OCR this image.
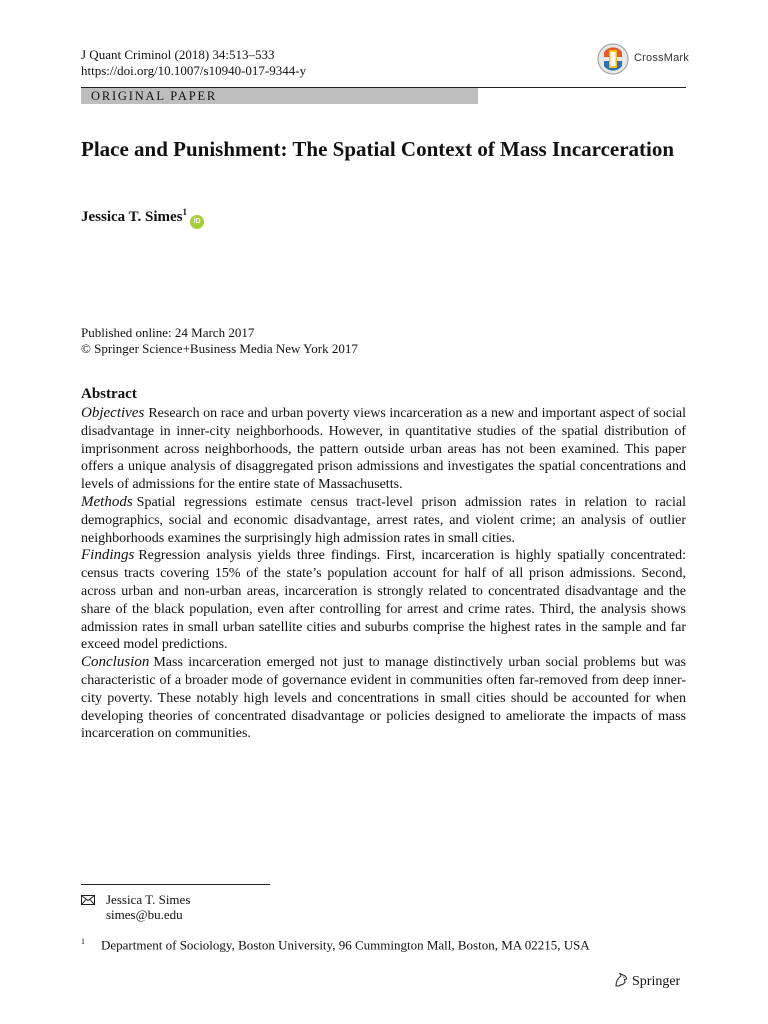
J Quant Criminol (2018) 34:513–533
https://doi.org/10.1007/s10940-017-9344-y
CrossMark
ORIGINAL PAPER
Place and Punishment: The Spatial Context of Mass Incarceration
Jessica T. Simes$^1$iD
Published online: 24 March 2017
© Springer Science+Business Media New York 2017
Abstract

Objectives Research on race and urban poverty views incarceration as a new and important aspect of social disadvantage in inner-city neighborhoods. However, in quantitative studies of the spatial distribution of imprisonment across neighborhoods, the pattern outside urban areas has not been examined. This paper offers a unique analysis of disaggregated prison admissions and investigates the spatial concentrations and levels of admissions for the entire state of Massachusetts.

Methods Spatial regressions estimate census tract-level prison admission rates in relation to racial demographics, social and economic disadvantage, arrest rates, and violent crime; an analysis of outlier neighborhoods examines the surprisingly high admission rates in small cities.

Findings Regression analysis yields three findings. First, incarceration is highly spatially concentrated: census tracts covering 15% of the state’s population account for half of all prison admissions. Second, across urban and non-urban areas, incarceration is strongly related to concentrated disadvantage and the share of the black population, even after controlling for arrest and crime rates. Third, the analysis shows admission rates in small urban satellite cities and suburbs comprise the highest rates in the sample and far exceed model predictions.

Conclusion Mass incarceration emerged not just to manage distinctively urban social problems but was characteristic of a broader mode of governance evident in communities often far-removed from deep inner-city poverty. These notably high levels and concentrations in small cities should be accounted for when developing theories of concentrated disadvantage or policies designed to ameliorate the impacts of mass incarceration on communities.

Jessica T. Simes
simes@bu.edu
$^1$ Department of Sociology, Boston University, 96 Cummington Mall, Boston, MA 02215, USA
Springer
